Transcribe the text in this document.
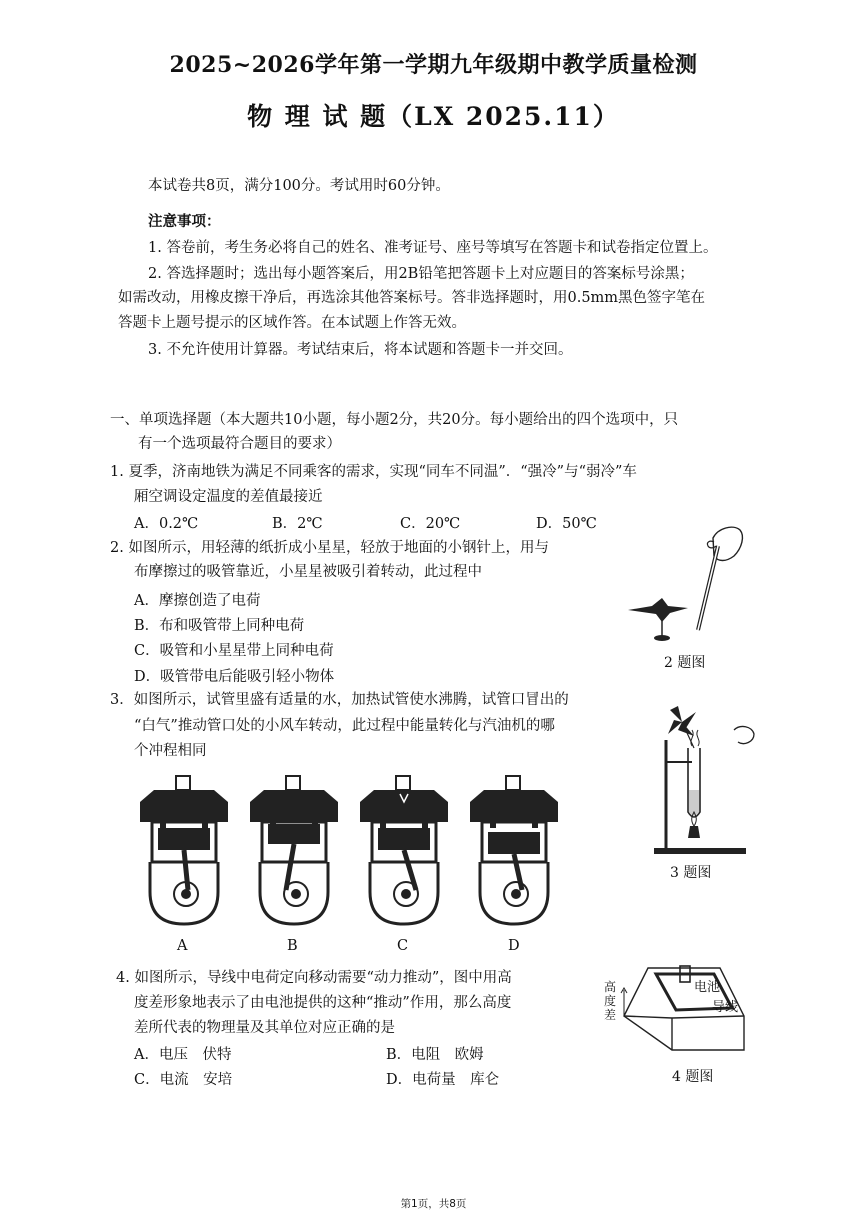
2025~2026学年第一学期九年级期中教学质量检测
物 理 试 题（LX 2025.11）
本试卷共8页，满分100分。考试用时60分钟。
注意事项：
1. 答卷前，考生务必将自己的姓名、准考证号、座号等填写在答题卡和试卷指定位置上。
2. 答选择题时；选出每小题答案后，用2B铅笔把答题卡上对应题目的答案标号涂黑；
如需改动，用橡皮擦干净后，再选涂其他答案标号。答非选择题时，用0.5mm黑色签字笔在
答题卡上题号提示的区域作答。在本试题上作答无效。
3. 不允许使用计算器。考试结束后，将本试题和答题卡一并交回。
一、单项选择题（本大题共10小题，每小题2分，共20分。每小题给出的四个选项中，只
有一个选项最符合题目的要求）
1. 夏季，济南地铁为满足不同乘客的需求，实现“同车不同温”．“强冷”与“弱冷”车
厢空调设定温度的差值最接近
A．0.2℃	B．2℃	C．20℃	D．50℃
2. 如图所示，用轻薄的纸折成小星星，轻放于地面的小钢针上，用与
布摩擦过的吸管靠近，小星星被吸引着转动，此过程中
A．摩擦创造了电荷
B．布和吸管带上同种电荷
C．吸管和小星星带上同种电荷
D．吸管带电后能吸引轻小物体
2 题图
3．如图所示，试管里盛有适量的水，加热试管使水沸腾，试管口冒出的
“白气”推动管口处的小风车转动，此过程中能量转化与汽油机的哪
个冲程相同
A	B	C	D
3 题图
4. 如图所示，导线中电荷定向移动需要“动力推动”，图中用高
度差形象地表示了由电池提供的这种“推动”作用，那么高度
差所代表的物理量及其单位对应正确的是
A．电压　伏特	B．电阻　欧姆
C．电流　安培	D．电荷量　库仑
高度差
电池
导线
4 题图
第1页，共8页
